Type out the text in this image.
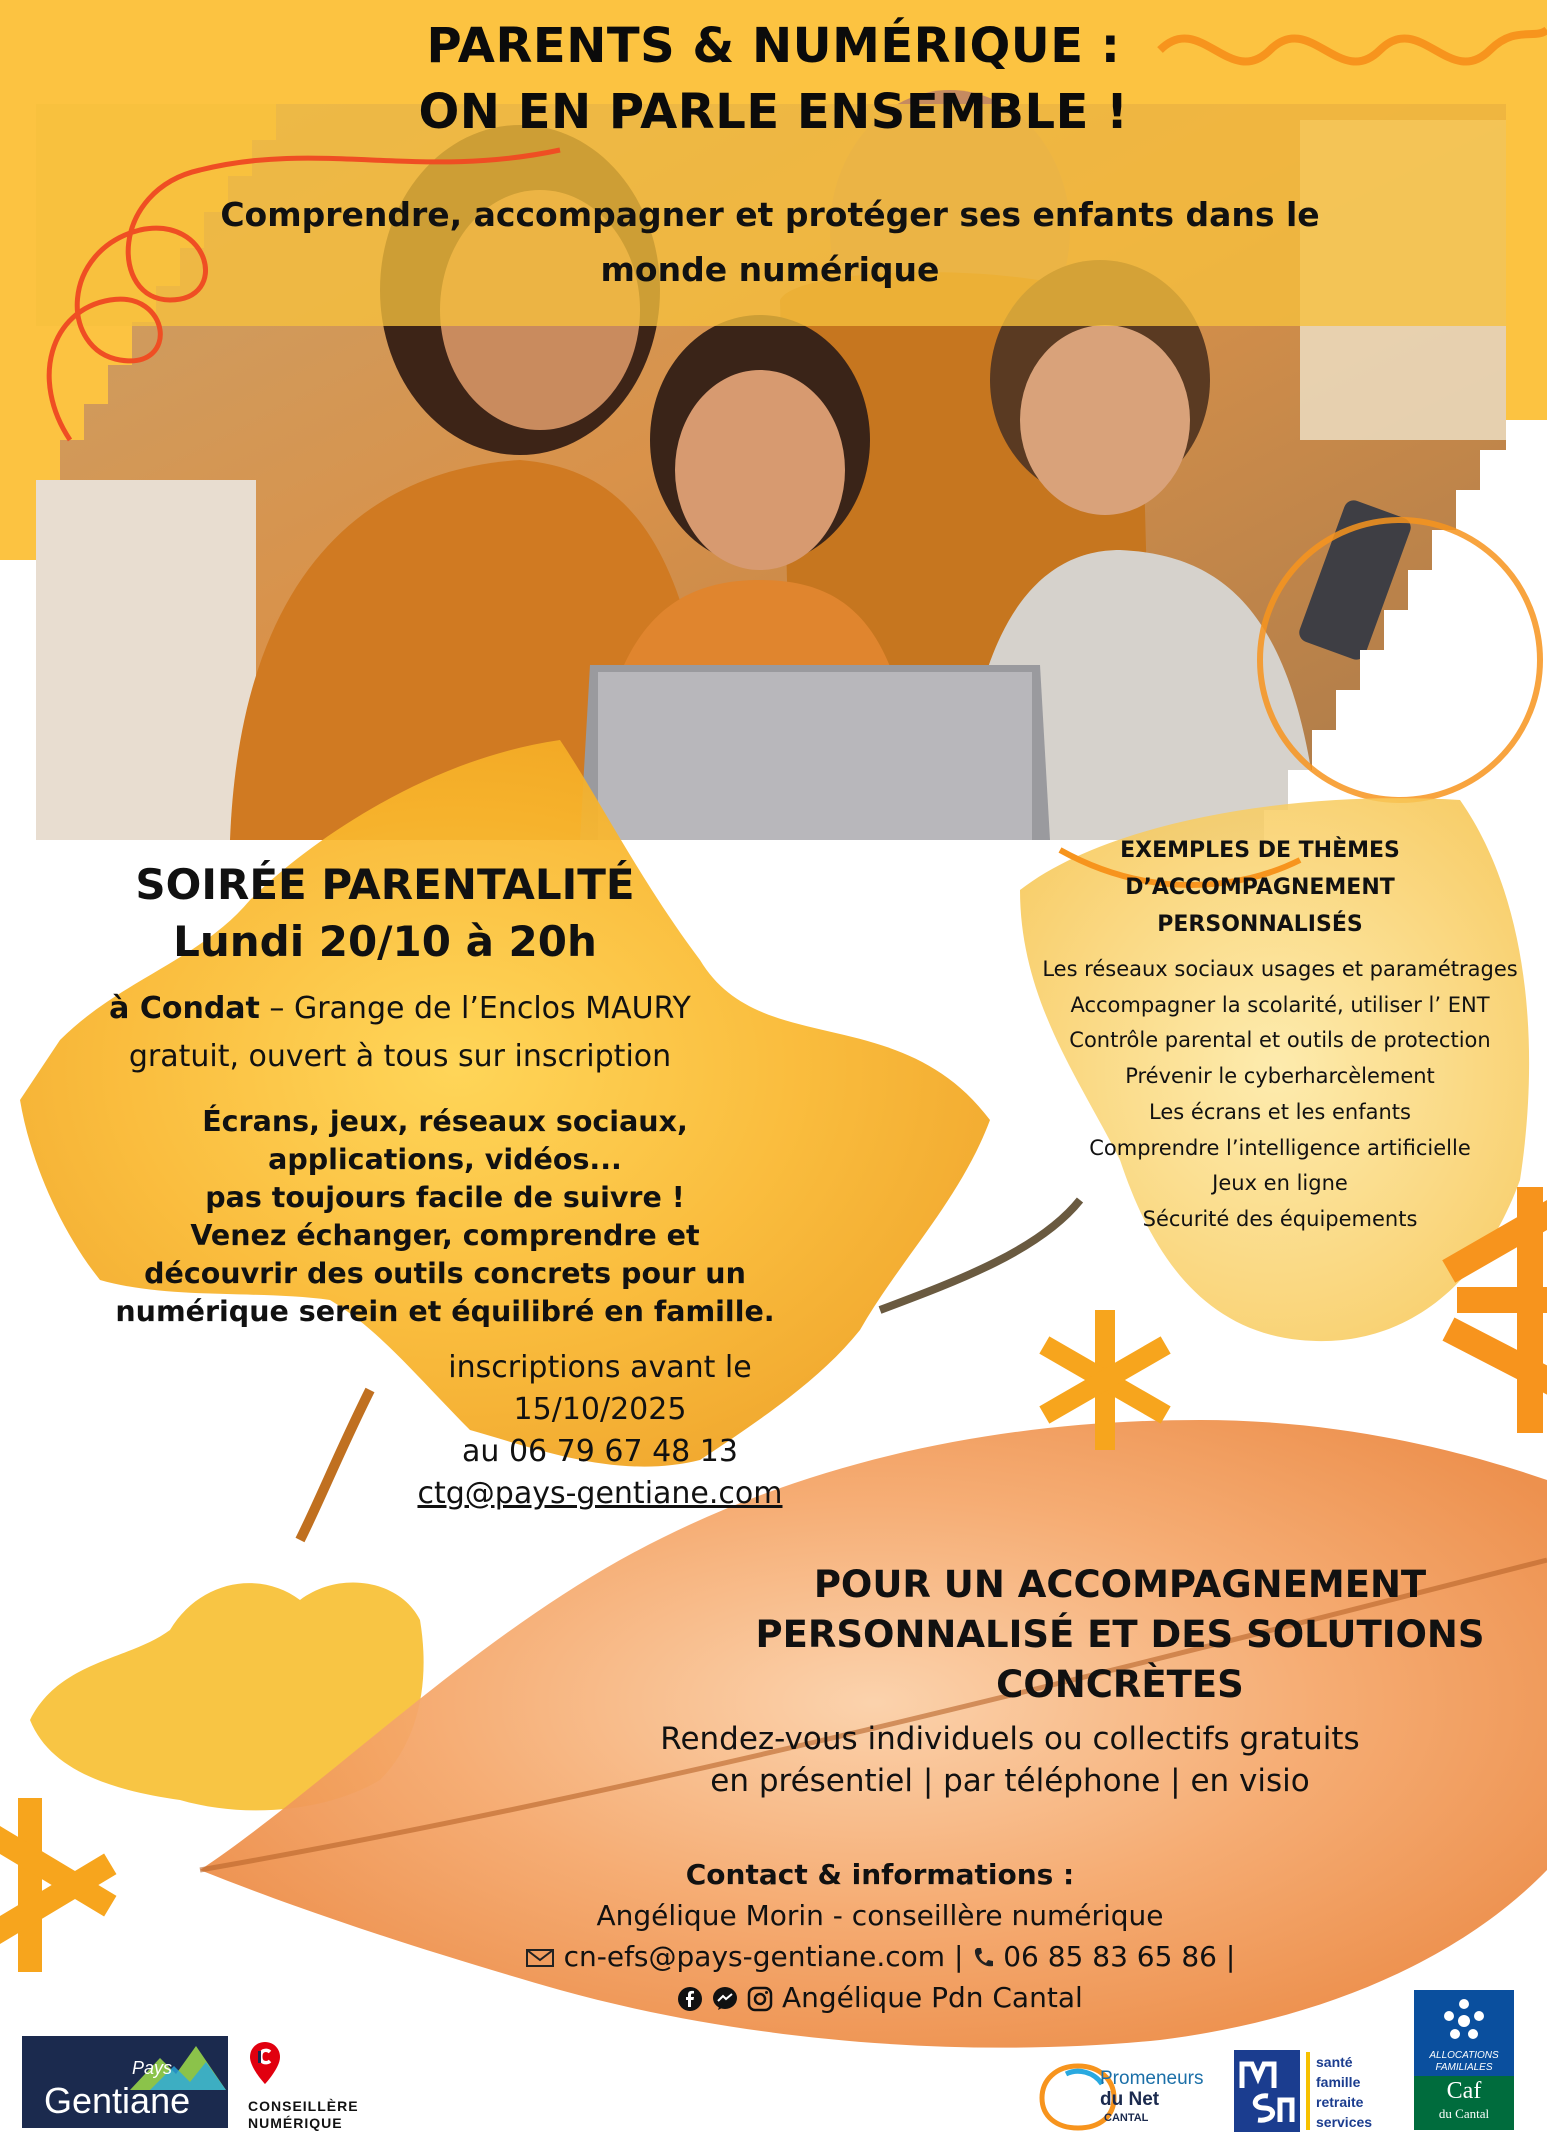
PARENTS & NUMÉRIQUE :
ON EN PARLE ENSEMBLE !
Comprendre, accompagner et protéger ses enfants dans le
monde numérique
SOIRÉE PARENTALITÉ
Lundi 20/10 à 20h
à Condat – Grange de l’Enclos MAURY
gratuit, ouvert à tous sur inscription
Écrans, jeux, réseaux sociaux,
applications, vidéos...
pas toujours facile de suivre !
Venez échanger, comprendre et
découvrir des outils concrets pour un
numérique serein et équilibré en famille.
inscriptions avant le
15/10/2025
au 06 79 67 48 13
ctg@pays-gentiane.com
EXEMPLES DE THÈMES
D’ACCOMPAGNEMENT
PERSONNALISÉS
Les réseaux sociaux usages et paramétrages
Accompagner la scolarité, utiliser l’ ENT
Contrôle parental et outils de protection
Prévenir le cyberharcèlement
Les écrans et les enfants
Comprendre l’intelligence artificielle
Jeux en ligne
Sécurité des équipements
POUR UN ACCOMPAGNEMENT
PERSONNALISÉ ET DES SOLUTIONS
CONCRÈTES
Rendez-vous individuels ou collectifs gratuits
en présentiel | par téléphone | en visio
Contact & informations :
Angélique Morin - conseillère numérique
cn-efs@pays-gentiane.com | 06 85 83 65 86 |
Angélique Pdn Cantal
Pays
Gentiane	CONSEILLÈRE
NUMÉRIQUE
Promeneurs
du Net
CANTAL
santé
famille
retraite
services
ALLOCATIONS
FAMILIALES
Caf
du Cantal
